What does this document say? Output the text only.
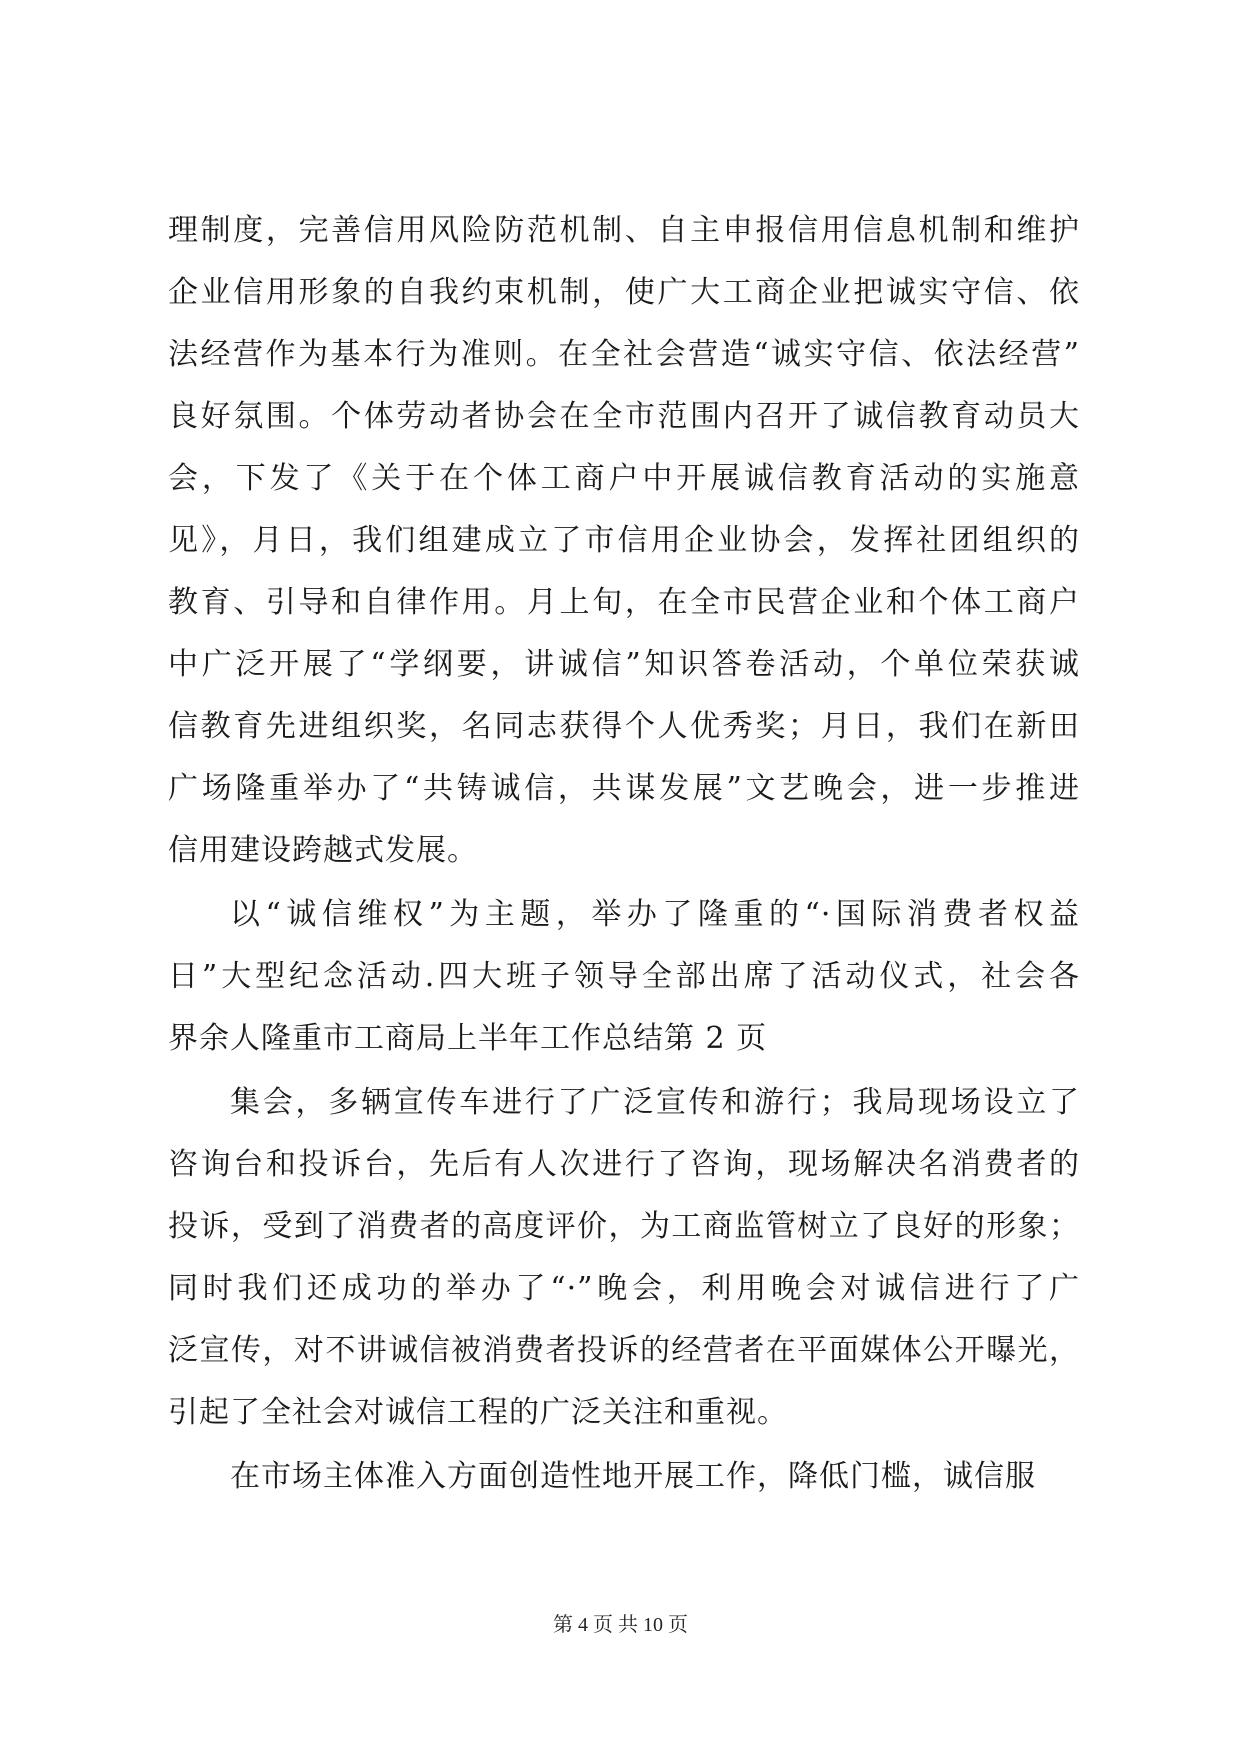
理制度，完善信用风险防范机制、自主申报信用信息机制和维护
企业信用形象的自我约束机制，使广大工商企业把诚实守信、依
法经营作为基本行为准则。在全社会营造“诚实守信、依法经营”
良好氛围。个体劳动者协会在全市范围内召开了诚信教育动员大
会，下发了《关于在个体工商户中开展诚信教育活动的实施意
见》，月日，我们组建成立了市信用企业协会，发挥社团组织的
教育、引导和自律作用。月上旬，在全市民营企业和个体工商户
中广泛开展了“学纲要，讲诚信”知识答卷活动，个单位荣获诚
信教育先进组织奖，名同志获得个人优秀奖；月日，我们在新田
广场隆重举办了“共铸诚信，共谋发展”文艺晚会，进一步推进
信用建设跨越式发展。
以“诚信维权”为主题，举办了隆重的“·国际消费者权益
日”大型纪念活动.四大班子领导全部出席了活动仪式，社会各
界余人隆重市工商局上半年工作总结第 2 页
集会，多辆宣传车进行了广泛宣传和游行；我局现场设立了
咨询台和投诉台，先后有人次进行了咨询，现场解决名消费者的
投诉，受到了消费者的高度评价，为工商监管树立了良好的形象；
同时我们还成功的举办了“·”晚会，利用晚会对诚信进行了广
泛宣传，对不讲诚信被消费者投诉的经营者在平面媒体公开曝光，
引起了全社会对诚信工程的广泛关注和重视。
在市场主体准入方面创造性地开展工作，降低门槛，诚信服
第 4 页 共 10 页
